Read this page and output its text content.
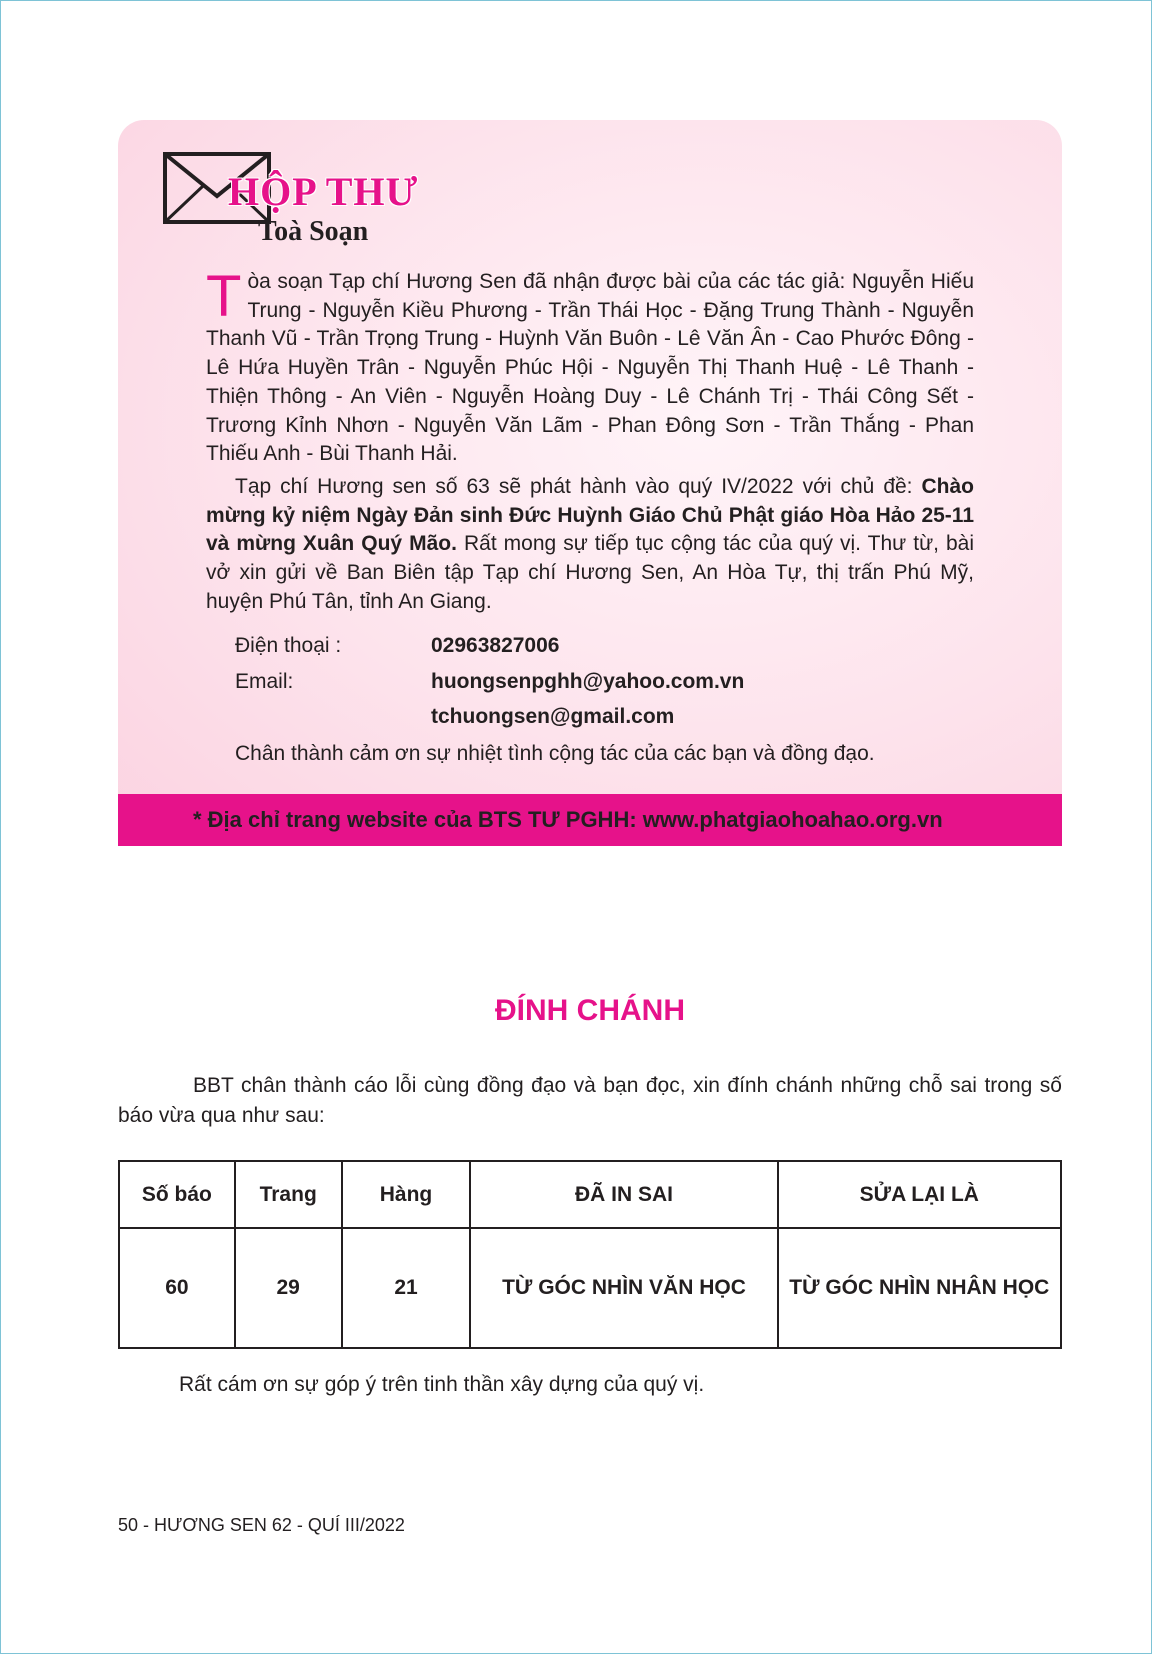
HỘP THƯ
Toà Soạn

Tòa soạn Tạp chí Hương Sen đã nhận được bài của các tác giả: Nguyễn Hiếu Trung - Nguyễn Kiều Phương - Trần Thái Học - Đặng Trung Thành - Nguyễn Thanh Vũ - Trần Trọng Trung - Huỳnh Văn Buôn - Lê Văn Ân - Cao Phước Đông - Lê Hứa Huyền Trân - Nguyễn Phúc Hội - Nguyễn Thị Thanh Huệ - Lê Thanh - Thiện Thông - An Viên - Nguyễn Hoàng Duy - Lê Chánh Trị - Thái Công Sết - Trương Kỉnh Nhơn - Nguyễn Văn Lãm - Phan Đông Sơn - Trần Thắng - Phan Thiếu Anh - Bùi Thanh Hải.

Tạp chí Hương sen số 63 sẽ phát hành vào quý IV/2022 với chủ đề: Chào mừng kỷ niệm Ngày Đản sinh Đức Huỳnh Giáo Chủ Phật giáo Hòa Hảo 25-11 và mừng Xuân Quý Mão. Rất mong sự tiếp tục cộng tác của quý vị. Thư từ, bài vở xin gửi về Ban Biên tập Tạp chí Hương Sen, An Hòa Tự, thị trấn Phú Mỹ, huyện Phú Tân, tỉnh An Giang.

Điện thoại :	02963827006
Email:	huongsenpghh@yahoo.com.vn
tchuongsen@gmail.com
Chân thành cảm ơn sự nhiệt tình cộng tác của các bạn và đồng đạo.
* Địa chỉ trang website của BTS TƯ PGHH: www.phatgiaohoahao.org.vn
ĐÍNH CHÁNH
BBT chân thành cáo lỗi cùng đồng đạo và bạn đọc, xin đính chánh những chỗ sai trong số báo vừa qua như sau:
Số báo	Trang	Hàng	ĐÃ IN SAI	SỬA LẠI LÀ
60	29	21	TỪ GÓC NHÌN VĂN HỌC	TỪ GÓC NHÌN NHÂN HỌC
Rất cám ơn sự góp ý trên tinh thần xây dựng của quý vị.
50 - HƯƠNG SEN 62 - QUÍ III/2022
